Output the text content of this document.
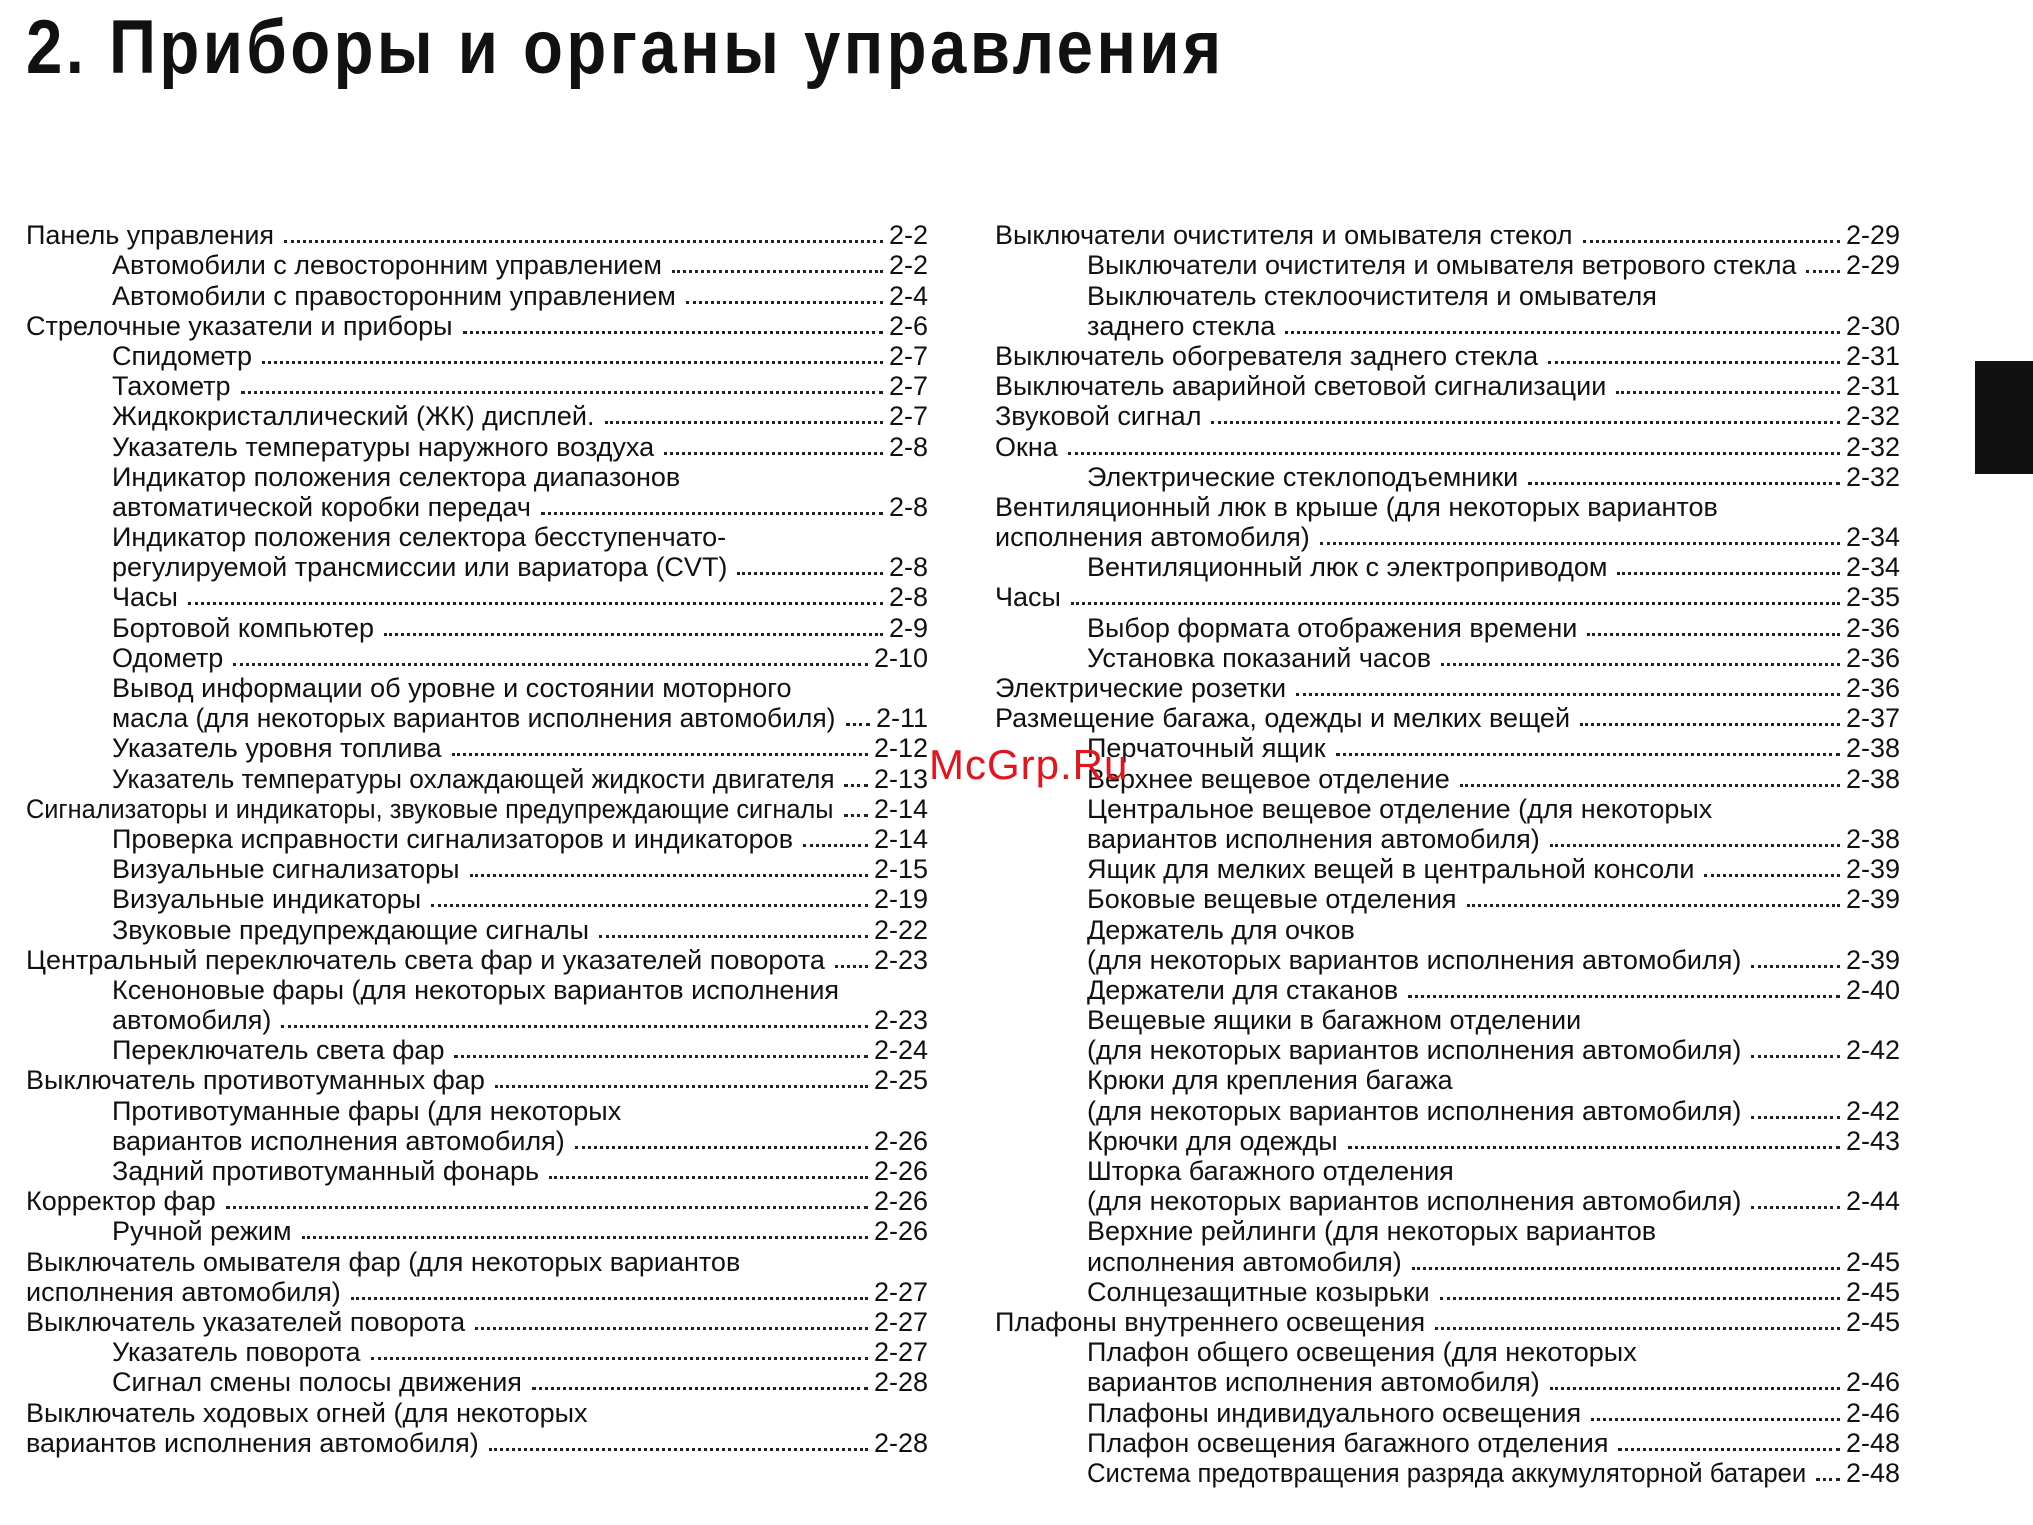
2. Приборы и органы управления
Панель управления	2-2
Автомобили с левосторонним управлением	2-2
Автомобили с правосторонним управлением	2-4
Стрелочные указатели и приборы	2-6
Спидометр	2-7
Тахометр	2-7
Жидкокристаллический (ЖК) дисплей.	2-7
Указатель температуры наружного воздуха	2-8
Индикатор положения селектора диапазонов
автоматической коробки передач	2-8
Индикатор положения селектора бесступенчато-
регулируемой трансмиссии или вариатора (CVT)	2-8
Часы	2-8
Бортовой компьютер	2-9
Одометр	2-10
Вывод информации об уровне и состоянии моторного
масла (для некоторых вариантов исполнения автомобиля) 2-11
Указатель уровня топлива	2-12
Указатель температуры охлаждающей жидкости двигателя 2-13
Сигнализаторы и индикаторы, звуковые предупреждающие сигналы 2-14
Проверка исправности сигнализаторов и индикаторов	2-14
Визуальные сигнализаторы	2-15
Визуальные индикаторы	2-19
Звуковые предупреждающие сигналы	2-22
Центральный переключатель света фар и указателей поворота 2-23
Ксеноновые фары (для некоторых вариантов исполнения
автомобиля)	2-23
Переключатель света фар	2-24
Выключатель противотуманных фар	2-25
Противотуманные фары (для некоторых
вариантов исполнения автомобиля)	2-26
Задний противотуманный фонарь	2-26
Корректор фар	2-26
Ручной режим	2-26
Выключатель омывателя фар (для некоторых вариантов
исполнения автомобиля)	2-27
Выключатель указателей поворота	2-27
Указатель поворота	2-27
Сигнал смены полосы движения	2-28
Выключатель ходовых огней (для некоторых
вариантов исполнения автомобиля)	2-28
Выключатели очистителя и омывателя стекол	2-29
Выключатели очистителя и омывателя ветрового стекла 2-29
Выключатель стеклоочистителя и омывателя
заднего стекла	2-30
Выключатель обогревателя заднего стекла	2-31
Выключатель аварийной световой сигнализации	2-31
Звуковой сигнал	2-32
Окна	2-32
Электрические стеклоподъемники	2-32
Вентиляционный люк в крыше (для некоторых вариантов
исполнения автомобиля)	2-34
Вентиляционный люк с электроприводом	2-34
Часы	2-35
Выбор формата отображения времени	2-36
Установка показаний часов	2-36
Электрические розетки	2-36
Размещение багажа, одежды и мелких вещей	2-37
Перчаточный ящик	2-38
Верхнее вещевое отделение	2-38
Центральное вещевое отделение (для некоторых
вариантов исполнения автомобиля)	2-38
Ящик для мелких вещей в центральной консоли	2-39
Боковые вещевые отделения	2-39
Держатель для очков
(для некоторых вариантов исполнения автомобиля)	2-39
Держатели для стаканов	2-40
Вещевые ящики в багажном отделении
(для некоторых вариантов исполнения автомобиля)	2-42
Крюки для крепления багажа
(для некоторых вариантов исполнения автомобиля)	2-42
Крючки для одежды	2-43
Шторка багажного отделения
(для некоторых вариантов исполнения автомобиля)	2-44
Верхние рейлинги (для некоторых вариантов
исполнения автомобиля)	2-45
Солнцезащитные козырьки	2-45
Плафоны внутреннего освещения	2-45
Плафон общего освещения (для некоторых
вариантов исполнения автомобиля)	2-46
Плафоны индивидуального освещения	2-46
Плафон освещения багажного отделения	2-48
Система предотвращения разряда аккумуляторной батареи 2-48
McGrp.Ru
